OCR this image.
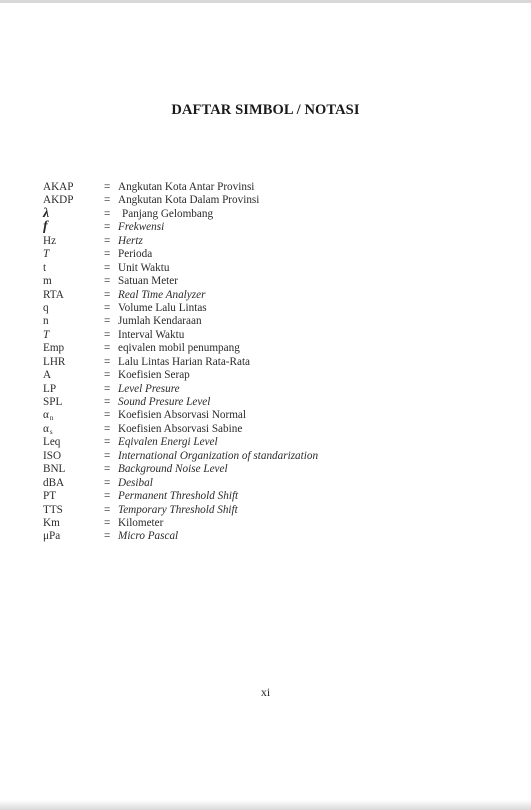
DAFTAR SIMBOL / NOTASI
AKAP	= Angkutan Kota Antar Provinsi
AKDP	= Angkutan Kota Dalam Provinsi
λ	= Panjang Gelombang
f	= Frekwensi
Hz	= Hertz
T	= Perioda
t	= Unit Waktu
m	= Satuan Meter
RTA	= Real Time Analyzer
q	= Volume Lalu Lintas
n	= Jumlah Kendaraan
T	= Interval Waktu
Emp	= eqivalen mobil penumpang
LHR	= Lalu Lintas Harian Rata-Rata
A	= Koefisien Serap
LP	= Level Presure
SPL	= Sound Presure Level
$\alpha_n$	= Koefisien Absorvasi Normal
$\alpha_s$	= Koefisien Absorvasi Sabine
Leq	= Eqivalen Energi Level
ISO	= International Organization of standarization
BNL	= Background Noise Level
dBA	= Desibal
PT	= Permanent Threshold Shift
TTS	= Temporary Threshold Shift
Km	= Kilometer
μPa	= Micro Pascal
xi
